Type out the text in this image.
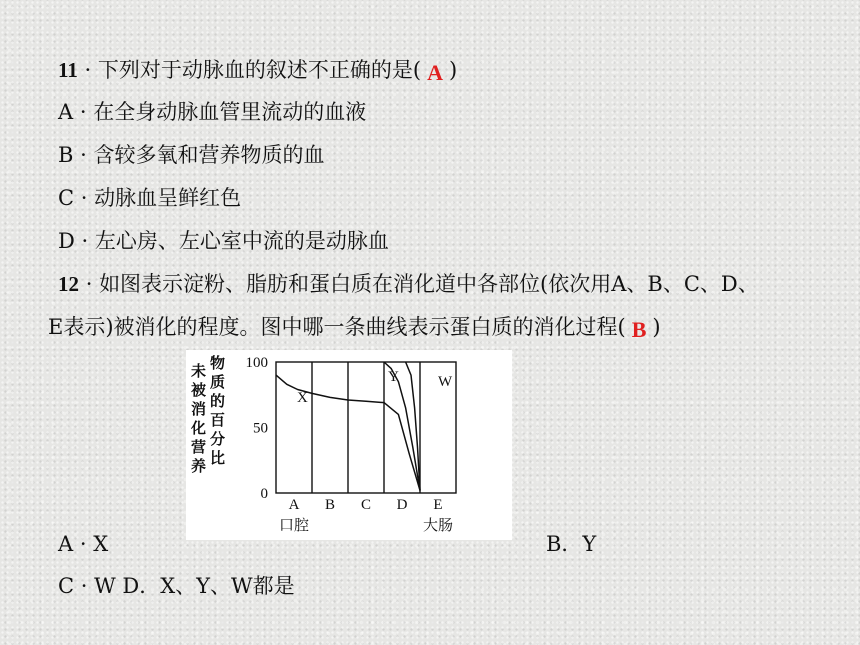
11 · 下列对于动脉血的叙述不正确的是( A )
A · 在全身动脉血管里流动的血液
B · 含较多氧和营养物质的血
C · 动脉血呈鲜红色
D · 左心房、左心室中流的是动脉血
12 · 如图表示淀粉、脂肪和蛋白质在消化道中各部位(依次用A、B、C、D、
E表示)被消化的程度。图中哪一条曲线表示蛋白质的消化过程( B )
未
被
消
化
营
养
物
质
的
百
分
比
100
50
0
X
Y	W
A B C D E
口腔	大肠
A · X	B．Y
C · W D．X、Y、W都是
